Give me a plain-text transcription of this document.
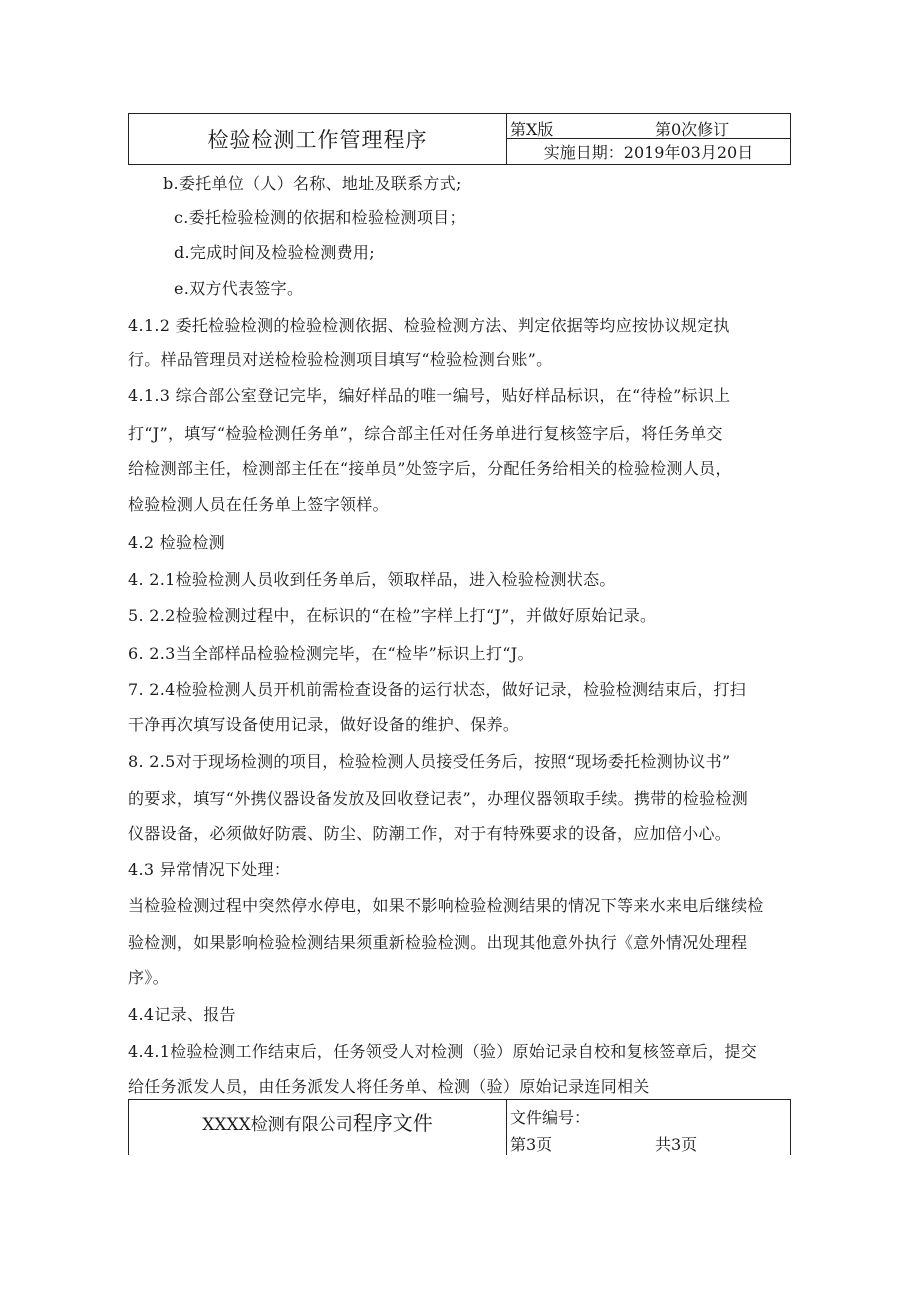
检验检测工作管理程序	第X版	第0次修订
实施日期：2019年03月20日
b.委托单位（人）名称、地址及联系方式;
c.委托检验检测的依据和检验检测项目；
d.完成时间及检验检测费用;
e.双方代表签字。
4.1.2 委托检验检测的检验检测依据、检验检测方法、判定依据等均应按协议规定执
行。样品管理员对送检检验检测项目填写“检验检测台账”。
4.1.3 综合部公室登记完毕，编好样品的唯一编号，贴好样品标识，在“待检”标识上
打“J”，填写“检验检测任务单”，综合部主任对任务单进行复核签字后，将任务单交
给检测部主任，检测部主任在“接单员”处签字后，分配任务给相关的检验检测人员，
检验检测人员在任务单上签字领样。
4.2 检验检测
4. 2.1检验检测人员收到任务单后，领取样品，进入检验检测状态。
5. 2.2检验检测过程中，在标识的“在检”字样上打“J”，并做好原始记录。
6. 2.3当全部样品检验检测完毕，在“检毕”标识上打“J。
7. 2.4检验检测人员开机前需检查设备的运行状态，做好记录，检验检测结束后，打扫
干净再次填写设备使用记录，做好设备的维护、保养。
8. 2.5对于现场检测的项目，检验检测人员接受任务后，按照“现场委托检测协议书”
的要求，填写“外携仪器设备发放及回收登记表”，办理仪器领取手续。携带的检验检测
仪器设备，必须做好防震、防尘、防潮工作，对于有特殊要求的设备，应加倍小心。
4.3 异常情况下处理：
当检验检测过程中突然停水停电，如果不影响检验检测结果的情况下等来水来电后继续检
验检测，如果影响检验检测结果须重新检验检测。出现其他意外执行《意外情况处理程
序》。
4.4记录、报告
4.4.1检验检测工作结束后，任务领受人对检测（验）原始记录自校和复核签章后，提交
给任务派发人员，由任务派发人将任务单、检测（验）原始记录连同相关
XXXX检测有限公司程序文件	文件编号：
第3页	共3页
